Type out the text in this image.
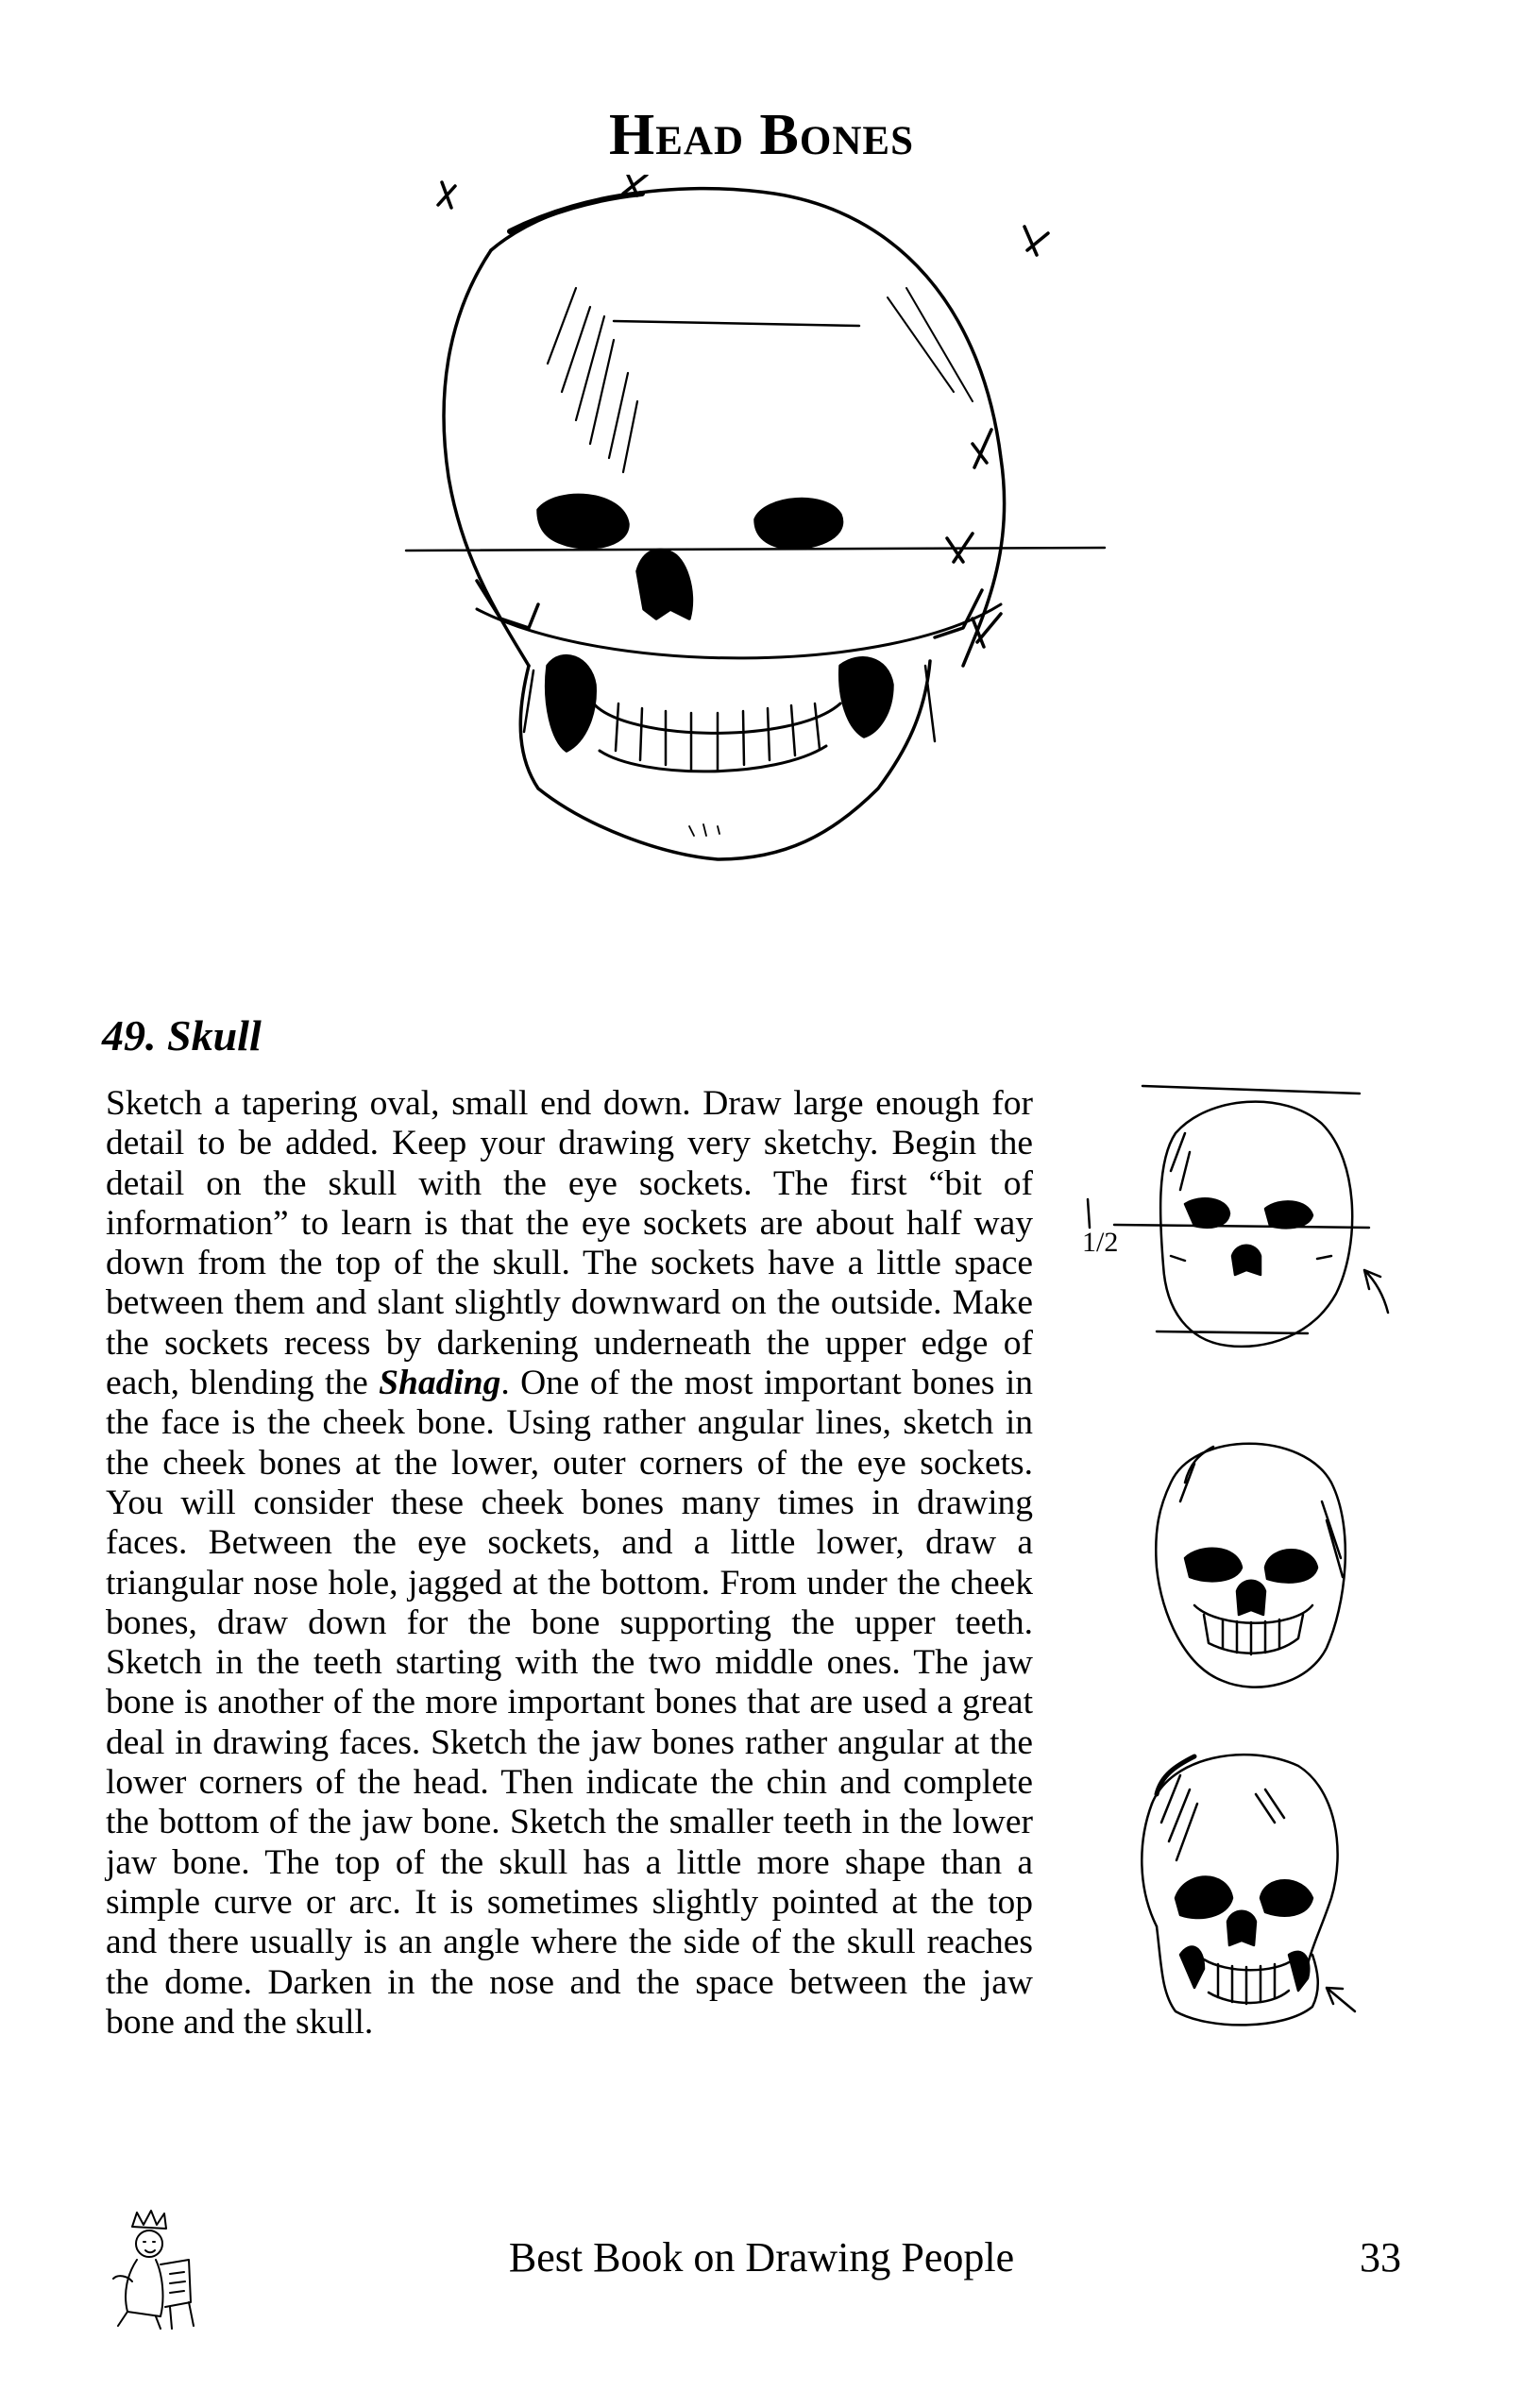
Head Bones
49. Skull
Sketch a tapering oval, small end down. Draw large enough for detail to be added. Keep your drawing very sketchy. Begin the detail on the skull with the eye sockets. The first “bit of information” to learn is that the eye sockets are about half way down from the top of the skull. The sockets have a little space between them and slant slightly downward on the outside. Make the sockets recess by darkening underneath the upper edge of each, blending the Shading. One of the most important bones in the face is the cheek bone. Using rather angular lines, sketch in the cheek bones at the lower, outer corners of the eye sockets. You will consider these cheek bones many times in drawing faces. Between the eye sockets, and a little lower, draw a triangular nose hole, jagged at the bottom. From under the cheek bones, draw down for the bone supporting the upper teeth. Sketch in the teeth starting with the two middle ones. The jaw bone is another of the more important bones that are used a great deal in drawing faces. Sketch the jaw bones rather angular at the lower corners of the head. Then indicate the chin and complete the bottom of the jaw bone. Sketch the smaller teeth in the lower jaw bone. The top of the skull has a little more shape than a simple curve or arc. It is sometimes slightly pointed at the top and there usually is an angle where the side of the skull reaches the dome. Darken in the nose and the space between the jaw bone and the skull.
1/2
Best Book on Drawing People	33
